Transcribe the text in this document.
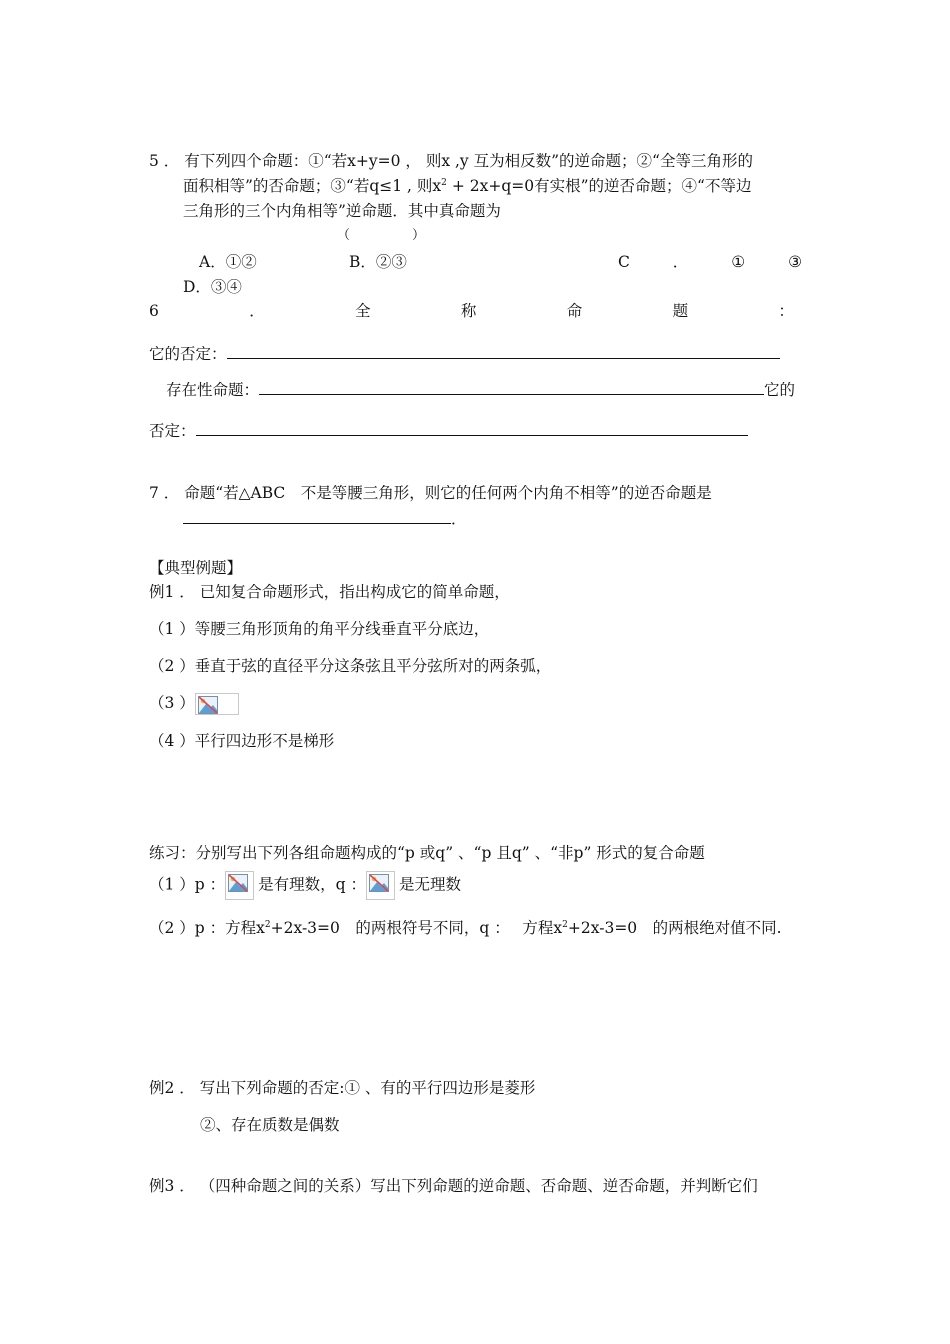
5 ． 有下列四个命题：①“若x+y=0 ， 则x ,y 互为相反数”的逆命题；②“全等三角形的
面积相等”的否命题；③“若q≤1 , 则$x^2 + 2x+q=0$有实根”的逆否命题；④“不等边
三角形的三个内角相等”逆命题．其中真命题为
（	）
A．①②	B．②③	C	．	①	③
D．③④
6	．	全	称	命	题	：
它的否定：
存在性命题：	它的
否定：
7 ． 命题“若△ABC　不是等腰三角形，则它的任何两个内角不相等”的逆否命题是
．
【典型例题】
例1 ． 已知复合命题形式，指出构成它的简单命题，
（1 ）等腰三角形顶角的角平分线垂直平分底边，
（2 ）垂直于弦的直径平分这条弦且平分弦所对的两条弧，
（3 ）
（4 ）平行四边形不是梯形
练习：分别写出下列各组命题构成的“p 或q” 、“p 且q” 、“非p” 形式的复合命题
（1 ）p ： 是有理数，q ： 是无理数
（2 ）p ：方程$x^2+2x-3=0$　的两根符号不同，q ：　 方程$x^2+2x-3=0$　的两根绝对值不同.
例2 ． 写出下列命题的否定:① 、有的平行四边形是菱形
②、存在质数是偶数
例3 ． （四种命题之间的关系）写出下列命题的逆命题、否命题、逆否命题，并判断它们
